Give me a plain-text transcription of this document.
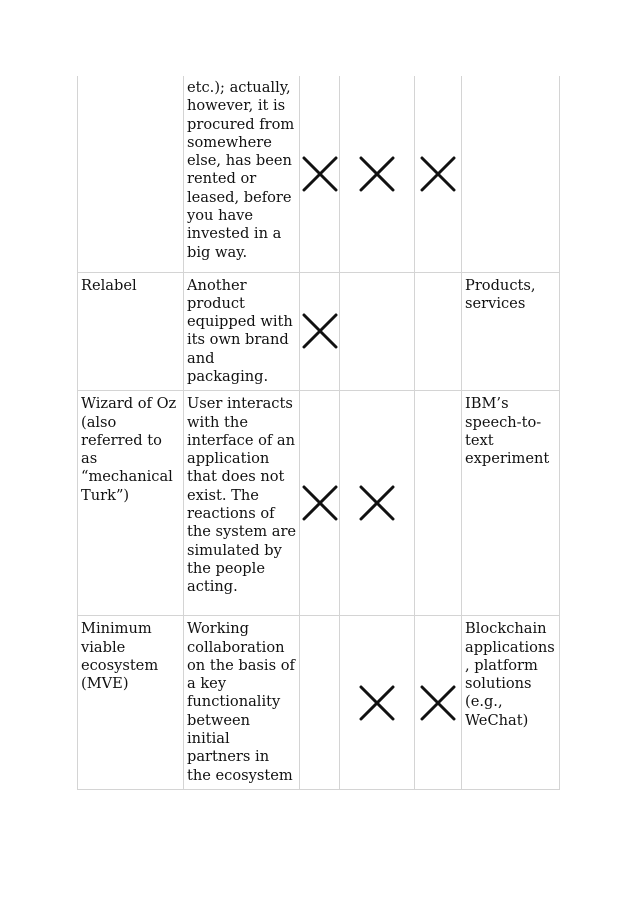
	etc.); actually, however, it is procured from somewhere else, has been rented or leased, before you have invested in a big way.	

Relabel	Another product equipped with its own brand and packaging.				Products, services
Wizard of Oz (also referred to as “mechanical Turk”)	User interacts with the interface of an application that does not exist. The reactions of the system are simulated by the people acting.				IBM’s speech-to-text experiment
Minimum viable ecosystem (MVE)	Working collaboration on the basis of a key functionality between initial partners in the ecosystem				Blockchain applications, platform solutions (e.g., WeChat)
